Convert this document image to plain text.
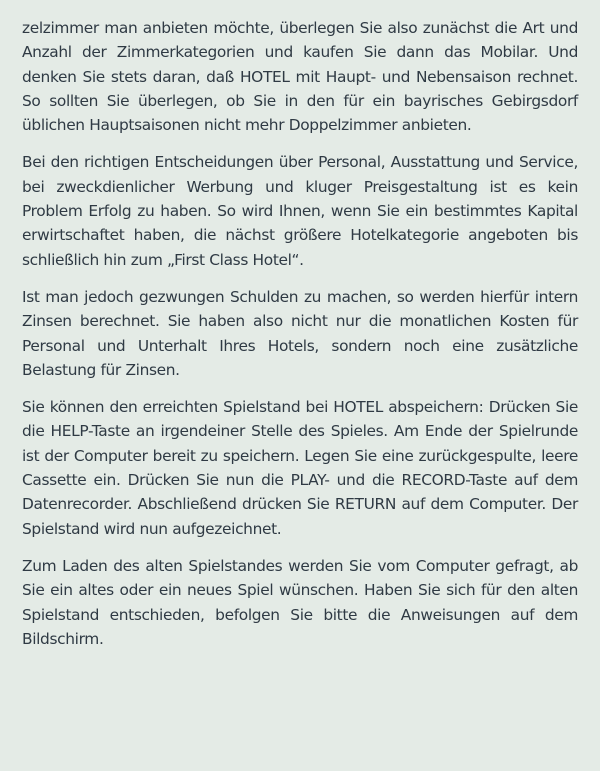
zelzimmer man anbieten möchte, überlegen Sie also zunächst die Art und Anzahl der Zimmerkategorien und kaufen Sie dann das Mobilar. Und denken Sie stets daran, daß HOTEL mit Haupt- und Nebensaison rechnet. So sollten Sie überlegen, ob Sie in den für ein bayrisches Gebirgsdorf üblichen Hauptsaisonen nicht mehr Doppelzimmer anbieten.

Bei den richtigen Entscheidungen über Personal, Ausstattung und Service, bei zweckdienlicher Werbung und kluger Preisgestaltung ist es kein Problem Erfolg zu haben. So wird Ihnen, wenn Sie ein bestimmtes Kapital erwirtschaftet haben, die nächst größere Hotelkategorie angeboten bis schließlich hin zum „First Class Hotel“.

Ist man jedoch gezwungen Schulden zu machen, so werden hierfür intern Zinsen berechnet. Sie haben also nicht nur die monatlichen Kosten für Personal und Unterhalt Ihres Hotels, sondern noch eine zusätzliche Belastung für Zinsen.

Sie können den erreichten Spielstand bei HOTEL abspeichern: Drücken Sie die HELP-Taste an irgendeiner Stelle des Spieles. Am Ende der Spielrunde ist der Computer bereit zu speichern. Legen Sie eine zurückgespulte, leere Cassette ein. Drücken Sie nun die PLAY- und die RECORD-Taste auf dem Datenrecorder. Abschließend drücken Sie RETURN auf dem Computer. Der Spielstand wird nun aufgezeichnet.

Zum Laden des alten Spielstandes werden Sie vom Computer gefragt, ab Sie ein altes oder ein neues Spiel wünschen. Haben Sie sich für den alten Spielstand entschieden, befolgen Sie bitte die Anweisungen auf dem Bildschirm.
